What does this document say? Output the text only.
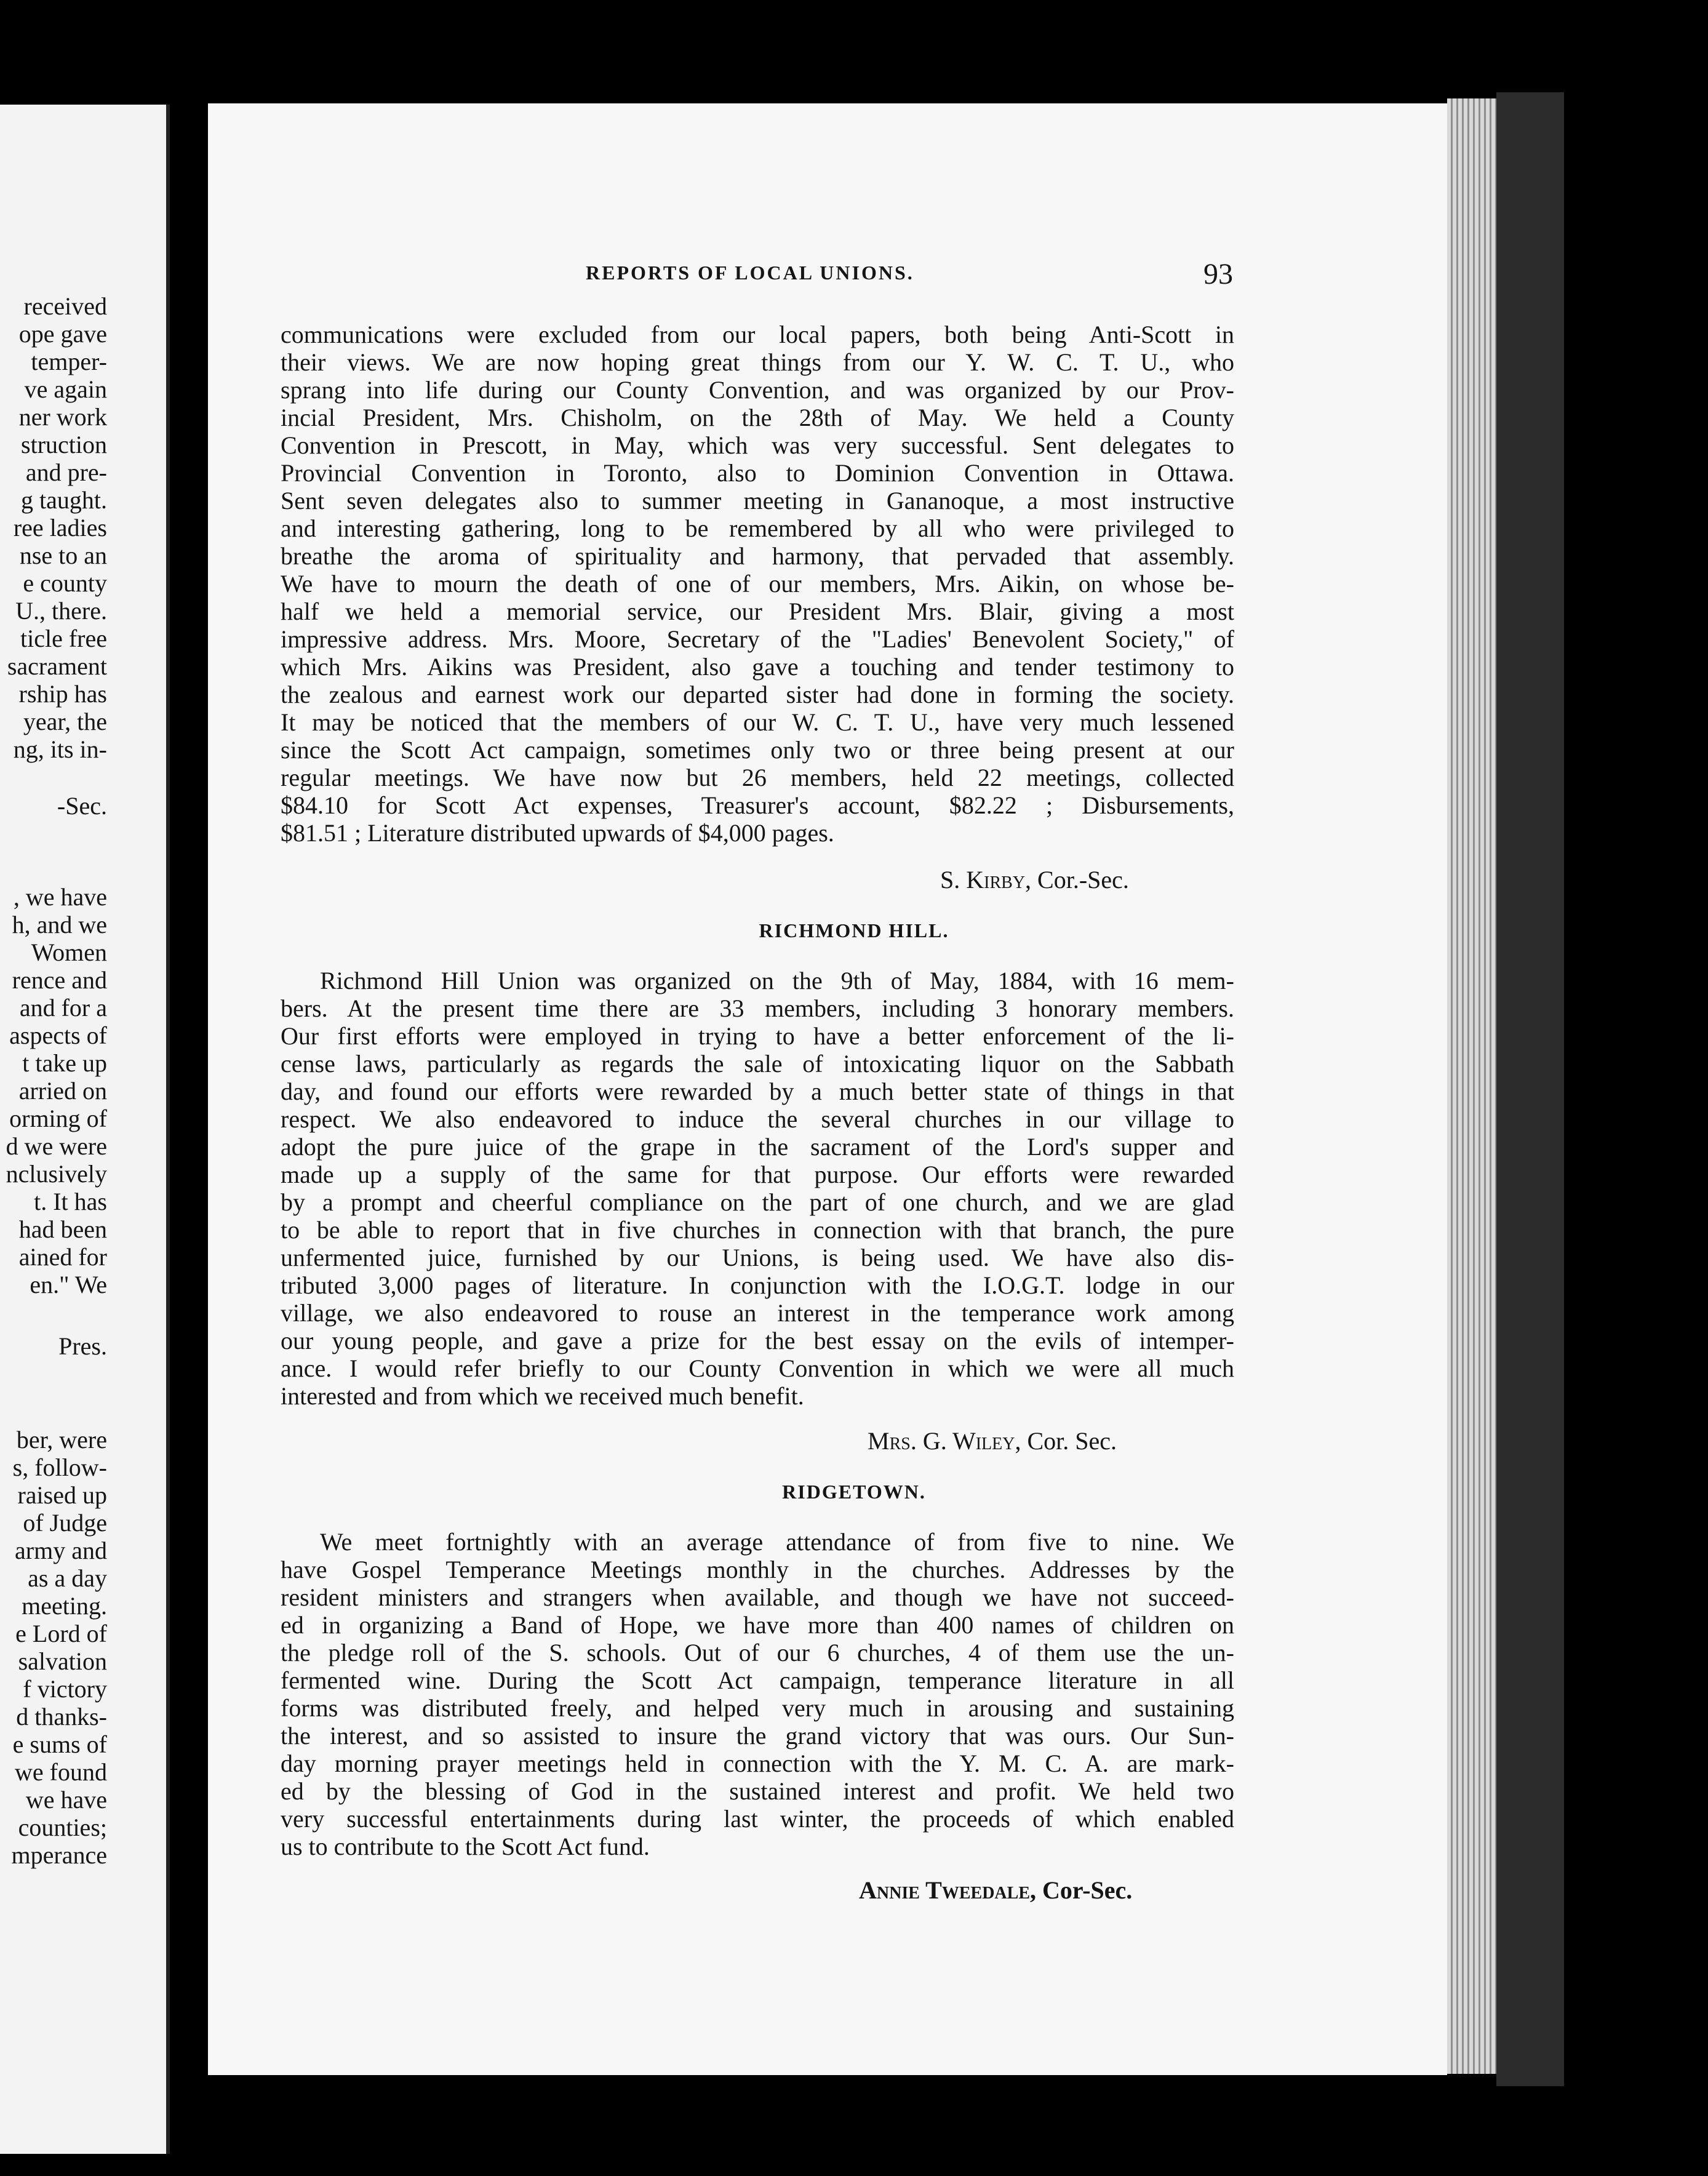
received
ope gave
temper-
ve again
ner work
struction
and pre-
g taught.
ree ladies
nse to an
e county
U., there.
ticle free
sacrament
rship has
year, the
ng, its in-
-Sec.
, we have
h, and we
Women
rence and
and for a
aspects of
t take up
arried on
orming of
d we were
nclusively
t. It has
had been
ained for
en." We
Pres.
ber, were
s, follow-
raised up
of Judge
army and
as a day
meeting.
e Lord of
salvation
f victory
d thanks-
e sums of
we found
we have
counties;
mperance
REPORTS OF LOCAL UNIONS.	93
communications were excluded from our local papers, both being Anti-Scott in
their views. We are now hoping great things from our Y. W. C. T. U., who
sprang into life during our County Convention, and was organized by our Prov-
incial President, Mrs. Chisholm, on the 28th of May. We held a County
Convention in Prescott, in May, which was very successful. Sent delegates to
Provincial Convention in Toronto, also to Dominion Convention in Ottawa.
Sent seven delegates also to summer meeting in Gananoque, a most instructive
and interesting gathering, long to be remembered by all who were privileged to
breathe the aroma of spirituality and harmony, that pervaded that assembly.
We have to mourn the death of one of our members, Mrs. Aikin, on whose be-
half we held a memorial service, our President Mrs. Blair, giving a most
impressive address. Mrs. Moore, Secretary of the "Ladies' Benevolent Society," of
which Mrs. Aikins was President, also gave a touching and tender testimony to
the zealous and earnest work our departed sister had done in forming the society.
It may be noticed that the members of our W. C. T. U., have very much lessened
since the Scott Act campaign, sometimes only two or three being present at our
regular meetings. We have now but 26 members, held 22 meetings, collected
$84.10 for Scott Act expenses, Treasurer's account, $82.22 ; Disbursements,
$81.51 ; Literature distributed upwards of $4,000 pages.
S. Kirby, Cor.-Sec.
RICHMOND HILL.
Richmond Hill Union was organized on the 9th of May, 1884, with 16 mem-
bers. At the present time there are 33 members, including 3 honorary members.
Our first efforts were employed in trying to have a better enforcement of the li-
cense laws, particularly as regards the sale of intoxicating liquor on the Sabbath
day, and found our efforts were rewarded by a much better state of things in that
respect. We also endeavored to induce the several churches in our village to
adopt the pure juice of the grape in the sacrament of the Lord's supper and
made up a supply of the same for that purpose. Our efforts were rewarded
by a prompt and cheerful compliance on the part of one church, and we are glad
to be able to report that in five churches in connection with that branch, the pure
unfermented juice, furnished by our Unions, is being used. We have also dis-
tributed 3,000 pages of literature. In conjunction with the I.O.G.T. lodge in our
village, we also endeavored to rouse an interest in the temperance work among
our young people, and gave a prize for the best essay on the evils of intemper-
ance. I would refer briefly to our County Convention in which we were all much
interested and from which we received much benefit.
Mrs. G. Wiley, Cor. Sec.
RIDGETOWN.
We meet fortnightly with an average attendance of from five to nine. We
have Gospel Temperance Meetings monthly in the churches. Addresses by the
resident ministers and strangers when available, and though we have not succeed-
ed in organizing a Band of Hope, we have more than 400 names of children on
the pledge roll of the S. schools. Out of our 6 churches, 4 of them use the un-
fermented wine. During the Scott Act campaign, temperance literature in all
forms was distributed freely, and helped very much in arousing and sustaining
the interest, and so assisted to insure the grand victory that was ours. Our Sun-
day morning prayer meetings held in connection with the Y. M. C. A. are mark-
ed by the blessing of God in the sustained interest and profit. We held two
very successful entertainments during last winter, the proceeds of which enabled
us to contribute to the Scott Act fund.
Annie Tweedale, Cor-Sec.
